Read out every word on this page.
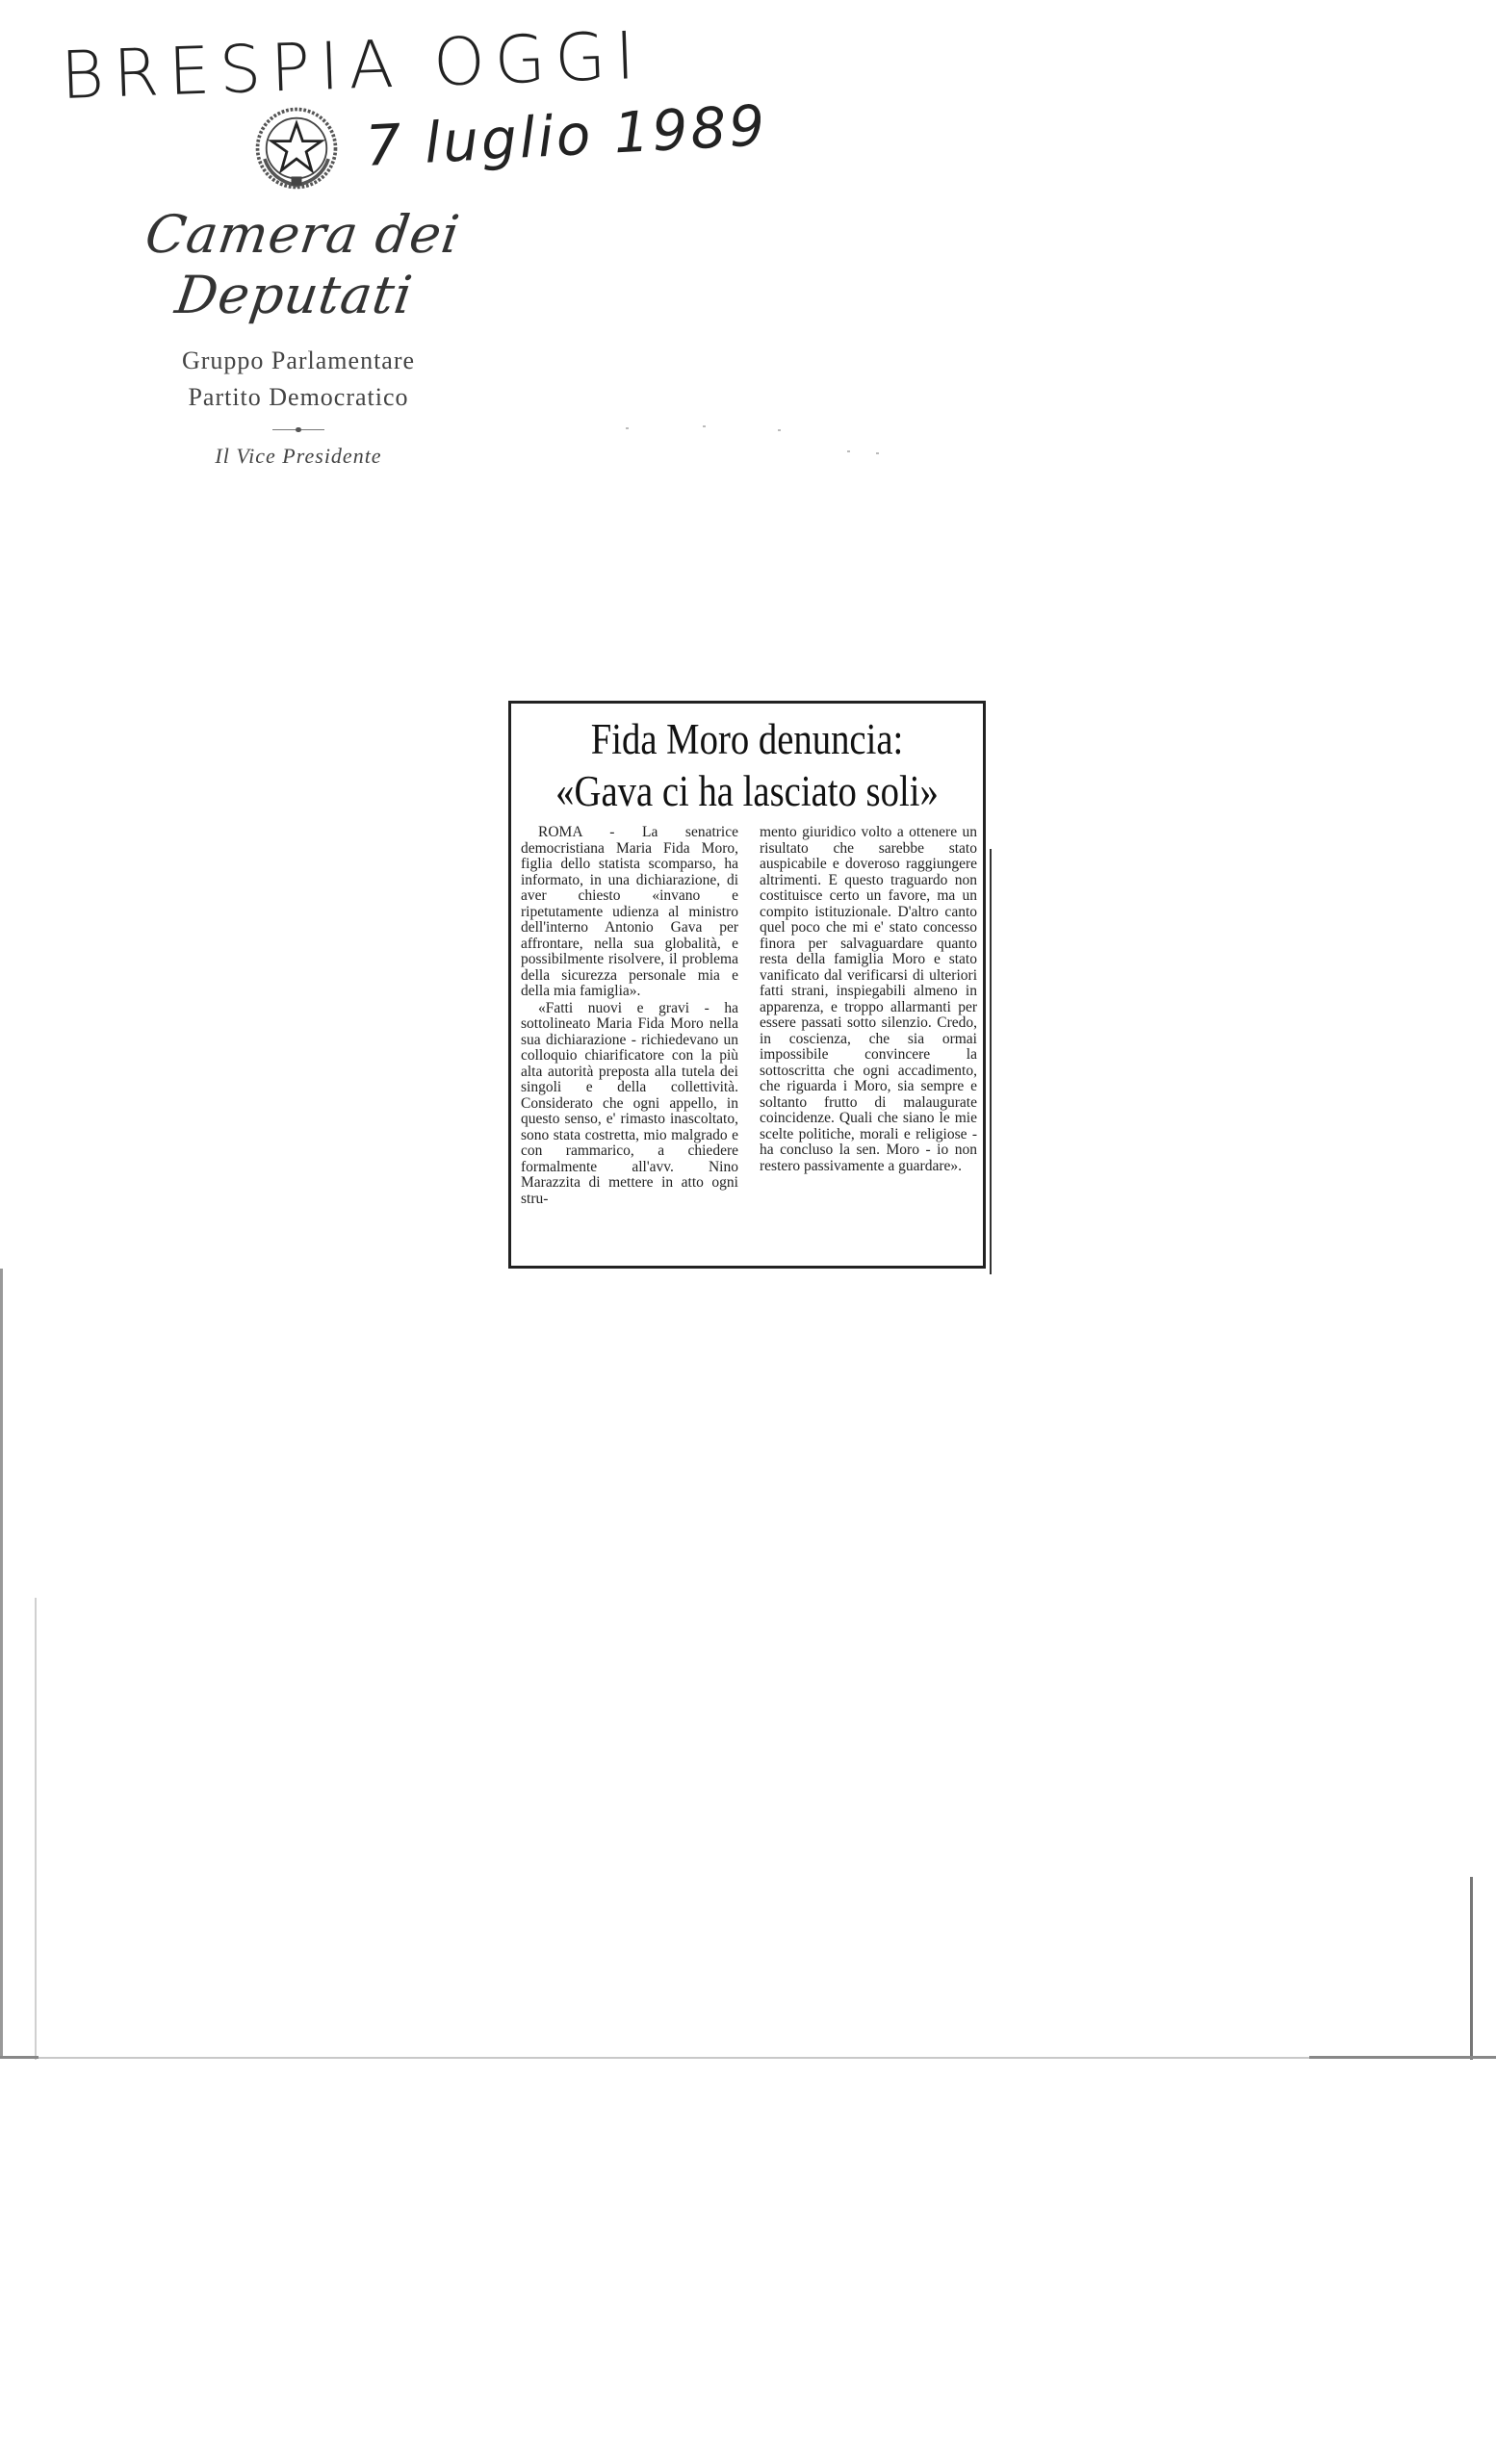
BRESPIA OGGI
7 luglio 1989
Camera dei Deputati
Gruppo Parlamentare
Partito Democratico
Il Vice Presidente
Fida Moro denuncia:
«Gava ci ha lasciato soli»

ROMA - La senatrice democristiana Maria Fida Moro, figlia dello statista scomparso, ha informato, in una dichiarazione, di aver chiesto «invano e ripetutamente udienza al ministro dell'interno Antonio Gava per affrontare, nella sua globalità, e possibilmente risolvere, il problema della sicurezza personale mia e della mia famiglia».

«Fatti nuovi e gravi - ha sottolineato Maria Fida Moro nella sua dichiarazione - richiedevano un colloquio chiarificatore con la più alta autorità preposta alla tutela dei singoli e della collettività. Considerato che ogni appello, in questo senso, e' rimasto inascoltato, sono stata costretta, mio malgrado e con rammarico, a chiedere formalmente all'avv. Nino Marazzita di mettere in atto ogni stru-

mento giuridico volto a ottenere un risultato che sarebbe stato auspicabile e doveroso raggiungere altrimenti. E questo traguardo non costituisce certo un favore, ma un compito istituzionale. D'altro canto quel poco che mi e' stato concesso finora per salvaguardare quanto resta della famiglia Moro e stato vanificato dal verificarsi di ulteriori fatti strani, inspiegabili almeno in apparenza, e troppo allarmanti per essere passati sotto silenzio. Credo, in coscienza, che sia ormai impossibile convincere la sottoscritta che ogni accadimento, che riguarda i Moro, sia sempre e soltanto frutto di malaugurate coincidenze. Quali che siano le mie scelte politiche, morali e religiose - ha concluso la sen. Moro - io non restero passivamente a guardare».
